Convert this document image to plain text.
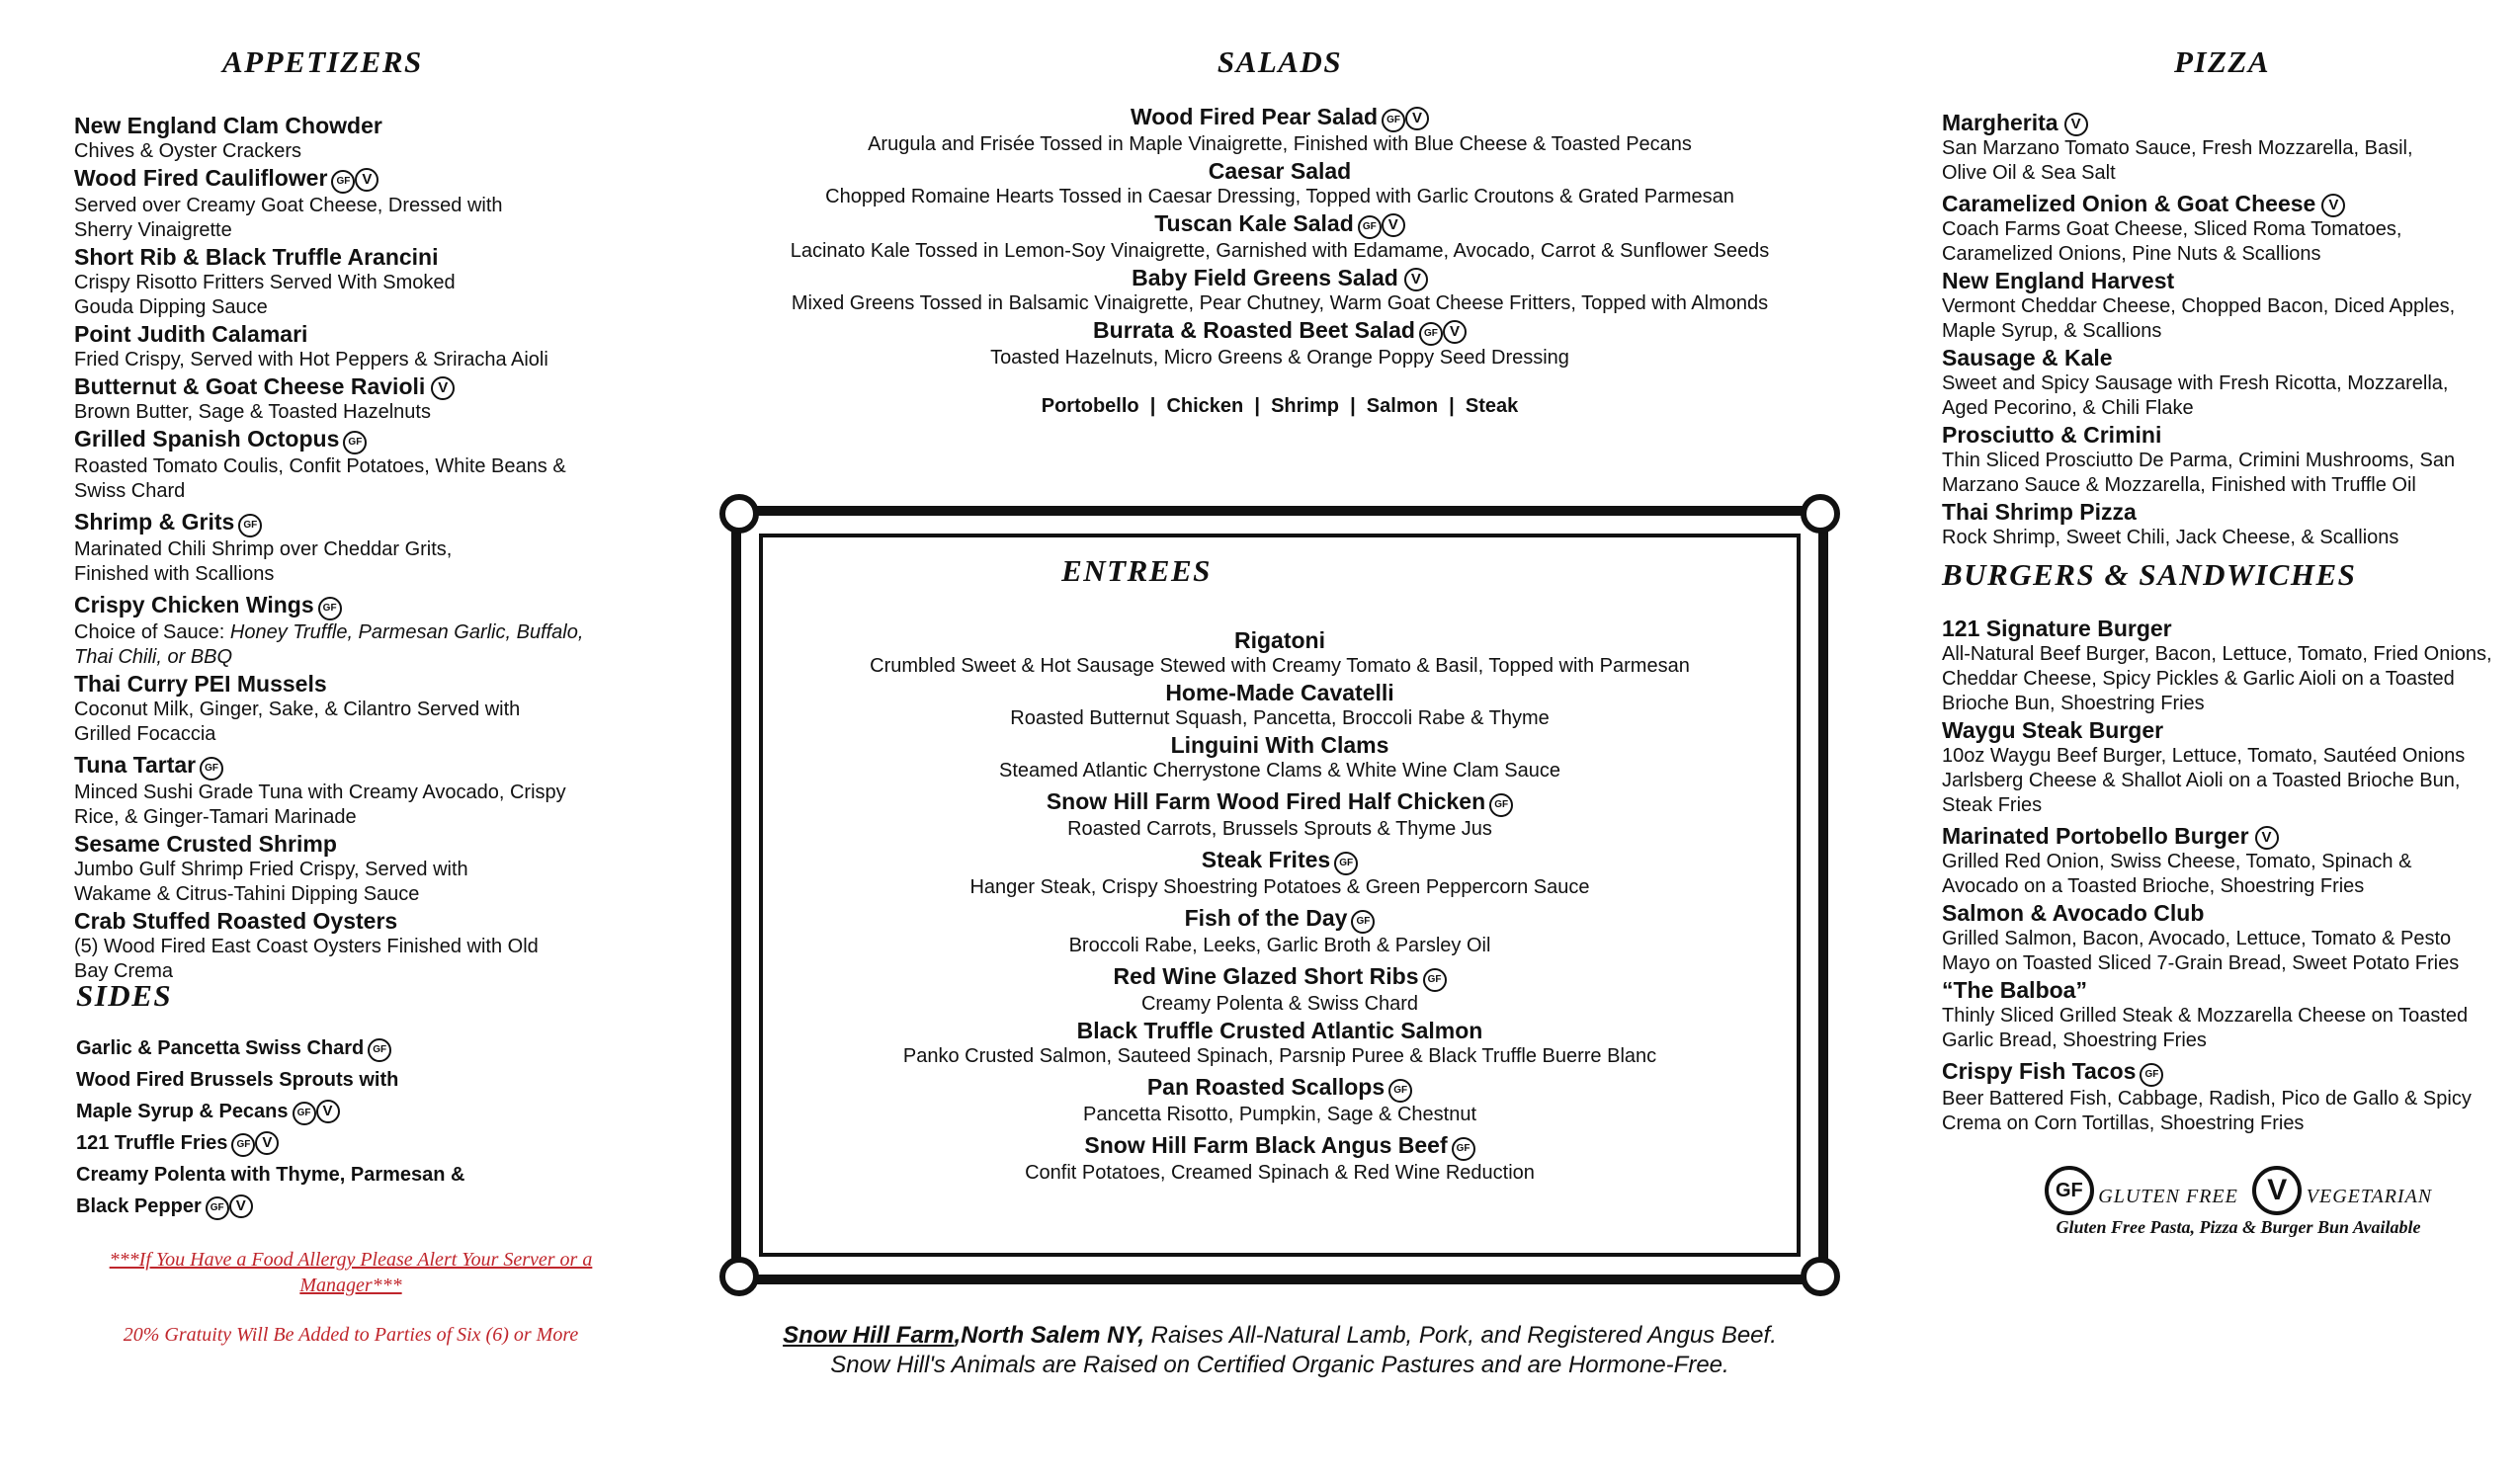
APPETIZERS
New England Clam Chowder
Chives & Oyster Crackers
Wood Fired Cauliflower GF V
Served over Creamy Goat Cheese, Dressed with Sherry Vinaigrette
Short Rib & Black Truffle Arancini
Crispy Risotto Fritters Served With Smoked Gouda Dipping Sauce
Point Judith Calamari
Fried Crispy, Served with Hot Peppers & Sriracha Aioli
Butternut & Goat Cheese Ravioli V
Brown Butter, Sage & Toasted Hazelnuts
Grilled Spanish Octopus GF
Roasted Tomato Coulis, Confit Potatoes, White Beans & Swiss Chard
Shrimp & Grits GF
Marinated Chili Shrimp over Cheddar Grits, Finished with Scallions
Crispy Chicken Wings GF
Choice of Sauce: Honey Truffle, Parmesan Garlic, Buffalo, Thai Chili, or BBQ
Thai Curry PEI Mussels
Coconut Milk, Ginger, Sake, & Cilantro Served with Grilled Focaccia
Tuna Tartar GF
Minced Sushi Grade Tuna with Creamy Avocado, Crispy Rice, & Ginger-Tamari Marinade
Sesame Crusted Shrimp
Jumbo Gulf Shrimp Fried Crispy, Served with Wakame & Citrus-Tahini Dipping Sauce
Crab Stuffed Roasted Oysters
(5) Wood Fired East Coast Oysters Finished with Old Bay Crema
SIDES
Garlic & Pancetta Swiss Chard GF
Wood Fired Brussels Sprouts with
Maple Syrup & Pecans GF V
121 Truffle Fries GF V
Creamy Polenta with Thyme, Parmesan &
Black Pepper GF V
***If You Have a Food Allergy Please Alert Your Server or a Manager***
20% Gratuity Will Be Added to Parties of Six (6) or More
SALADS
Wood Fired Pear Salad GF V
Arugula and Frisée Tossed in Maple Vinaigrette, Finished with Blue Cheese & Toasted Pecans
Caesar Salad
Chopped Romaine Hearts Tossed in Caesar Dressing, Topped with Garlic Croutons & Grated Parmesan
Tuscan Kale Salad GF V
Lacinato Kale Tossed in Lemon-Soy Vinaigrette, Garnished with Edamame, Avocado, Carrot & Sunflower Seeds
Baby Field Greens Salad V
Mixed Greens Tossed in Balsamic Vinaigrette, Pear Chutney, Warm Goat Cheese Fritters, Topped with Almonds
Burrata & Roasted Beet Salad GF V
Toasted Hazelnuts, Micro Greens & Orange Poppy Seed Dressing
Portobello  |  Chicken  |  Shrimp  |  Salmon  |  Steak
ENTREES
Rigatoni
Crumbled Sweet & Hot Sausage Stewed with Creamy Tomato & Basil, Topped with Parmesan
Home-Made Cavatelli
Roasted Butternut Squash, Pancetta, Broccoli Rabe & Thyme
Linguini With Clams
Steamed Atlantic Cherrystone Clams & White Wine Clam Sauce
Snow Hill Farm Wood Fired Half Chicken GF
Roasted Carrots, Brussels Sprouts & Thyme Jus
Steak Frites GF
Hanger Steak, Crispy Shoestring Potatoes & Green Peppercorn Sauce
Fish of the Day GF
Broccoli Rabe, Leeks, Garlic Broth & Parsley Oil
Red Wine Glazed Short Ribs GF
Creamy Polenta & Swiss Chard
Black Truffle Crusted Atlantic Salmon
Panko Crusted Salmon, Sauteed Spinach, Parsnip Puree & Black Truffle Buerre Blanc
Pan Roasted Scallops GF
Pancetta Risotto, Pumpkin, Sage & Chestnut
Snow Hill Farm Black Angus Beef GF
Confit Potatoes, Creamed Spinach & Red Wine Reduction
Snow Hill Farm,North Salem NY, Raises All-Natural Lamb, Pork, and Registered Angus Beef.
Snow Hill's Animals are Raised on Certified Organic Pastures and are Hormone-Free.
PIZZA
Margherita V
San Marzano Tomato Sauce, Fresh Mozzarella, Basil, Olive Oil & Sea Salt
Caramelized Onion & Goat Cheese V
Coach Farms Goat Cheese, Sliced Roma Tomatoes, Caramelized Onions, Pine Nuts & Scallions
New England Harvest
Vermont Cheddar Cheese, Chopped Bacon, Diced Apples, Maple Syrup, & Scallions
Sausage & Kale
Sweet and Spicy Sausage with Fresh Ricotta, Mozzarella, Aged Pecorino, & Chili Flake
Prosciutto & Crimini
Thin Sliced Prosciutto De Parma, Crimini Mushrooms, San Marzano Sauce & Mozzarella, Finished with Truffle Oil
Thai Shrimp Pizza
Rock Shrimp, Sweet Chili, Jack Cheese, & Scallions
BURGERS & SANDWICHES
121 Signature Burger
All-Natural Beef Burger, Bacon, Lettuce, Tomato, Fried Onions, Cheddar Cheese, Spicy Pickles & Garlic Aioli on a Toasted Brioche Bun, Shoestring Fries
Waygu Steak Burger
10oz Waygu Beef Burger, Lettuce, Tomato, Sautéed Onions Jarlsberg Cheese & Shallot Aioli on a Toasted Brioche Bun, Steak Fries
Marinated Portobello Burger V
Grilled Red Onion, Swiss Cheese, Tomato, Spinach & Avocado on a Toasted Brioche, Shoestring Fries
Salmon & Avocado Club
Grilled Salmon, Bacon, Avocado, Lettuce, Tomato & Pesto Mayo on Toasted Sliced 7-Grain Bread, Sweet Potato Fries
“The Balboa”
Thinly Sliced Grilled Steak & Mozzarella Cheese on Toasted Garlic Bread, Shoestring Fries
Crispy Fish Tacos GF
Beer Battered Fish, Cabbage, Radish, Pico de Gallo & Spicy Crema on Corn Tortillas, Shoestring Fries
GF GLUTEN FREE V VEGETARIAN
Gluten Free Pasta, Pizza & Burger Bun Available
